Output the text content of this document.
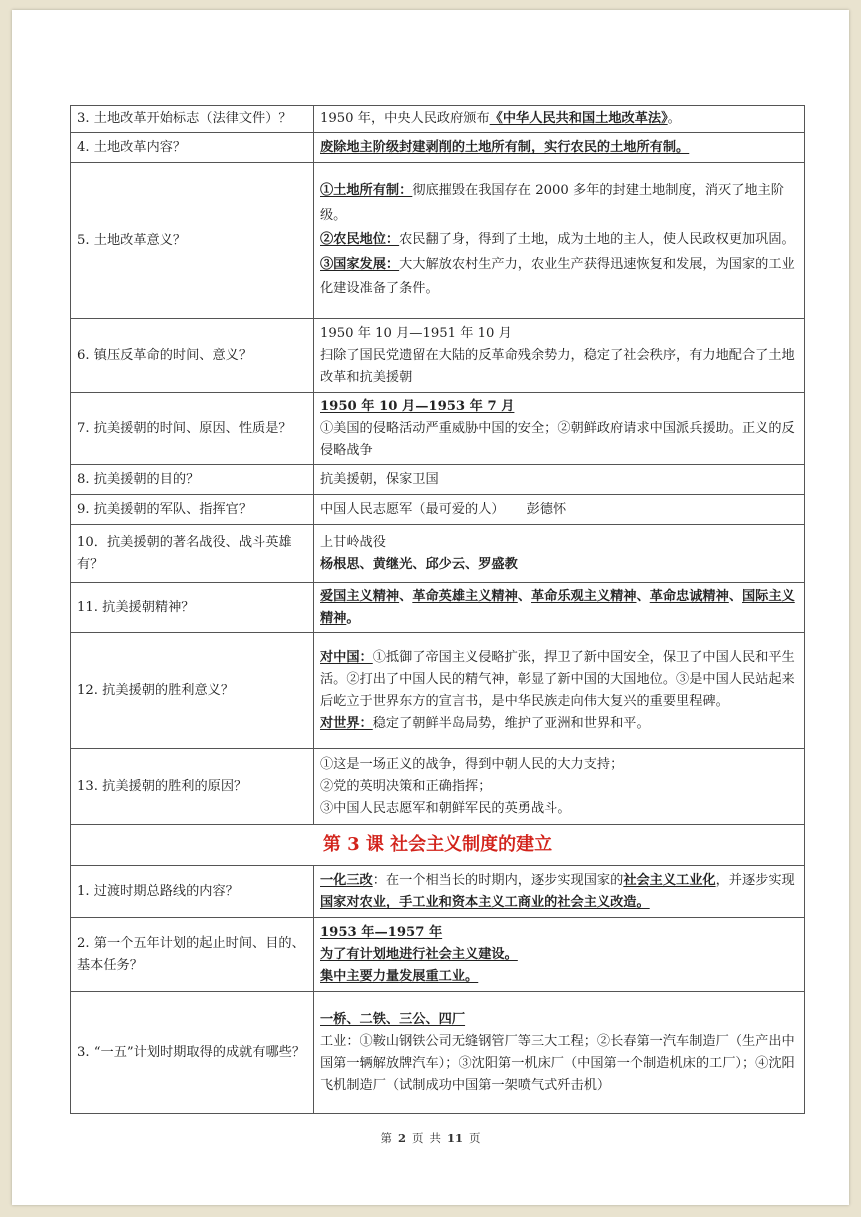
3. 土地改革开始标志（法律文件）？	1950 年，中央人民政府颁布《中华人民共和国土地改革法》。
4. 土地改革内容？	废除地主阶级封建剥削的土地所有制，实行农民的土地所有制。
5. 土地改革意义？	①土地所有制：彻底摧毁在我国存在 2000 多年的封建土地制度，消灭了地主阶级。
②农民地位：农民翻了身，得到了土地，成为土地的主人，使人民政权更加巩固。
③国家发展：大大解放农村生产力，农业生产获得迅速恢复和发展，为国家的工业化建设准备了条件。
6. 镇压反革命的时间、意义？	1950 年 10 月—1951 年 10 月
扫除了国民党遗留在大陆的反革命残余势力，稳定了社会秩序，有力地配合了土地改革和抗美援朝
7. 抗美援朝的时间、原因、性质是？	1950 年 10 月—1953 年 7 月
①美国的侵略活动严重威胁中国的安全；②朝鲜政府请求中国派兵援助。正义的反侵略战争
8. 抗美援朝的目的？	抗美援朝，保家卫国
9. 抗美援朝的军队、指挥官？	中国人民志愿军（最可爱的人） 彭德怀
10．抗美援朝的著名战役、战斗英雄有？	上甘岭战役
杨根思、黄继光、邱少云、罗盛教
11. 抗美援朝精神？	爱国主义精神、革命英雄主义精神、革命乐观主义精神、革命忠诚精神、国际主义精神。
12. 抗美援朝的胜利意义？	对中国：①抵御了帝国主义侵略扩张，捍卫了新中国安全，保卫了中国人民和平生活。②打出了中国人民的精气神，彰显了新中国的大国地位。③是中国人民站起来后屹立于世界东方的宣言书，是中华民族走向伟大复兴的重要里程碑。
对世界：稳定了朝鲜半岛局势，维护了亚洲和世界和平。
13. 抗美援朝的胜利的原因？	①这是一场正义的战争，得到中朝人民的大力支持；
②党的英明决策和正确指挥；
③中国人民志愿军和朝鲜军民的英勇战斗。
第 3 课 社会主义制度的建立	
1. 过渡时期总路线的内容？	一化三改：在一个相当长的时期内，逐步实现国家的社会主义工业化，并逐步实现国家对农业，手工业和资本主义工商业的社会主义改造。
2. 第一个五年计划的起止时间、目的、基本任务？	1953 年—1957 年
为了有计划地进行社会主义建设。
集中主要力量发展重工业。
3. “一五”计划时期取得的成就有哪些？	一桥、二铁、三公、四厂
工业：①鞍山钢铁公司无缝钢管厂等三大工程；②长春第一汽车制造厂（生产出中国第一辆解放牌汽车）；③沈阳第一机床厂（中国第一个制造机床的工厂）；④沈阳飞机制造厂（试制成功中国第一架喷气式歼击机）
第 2 页 共 11 页
